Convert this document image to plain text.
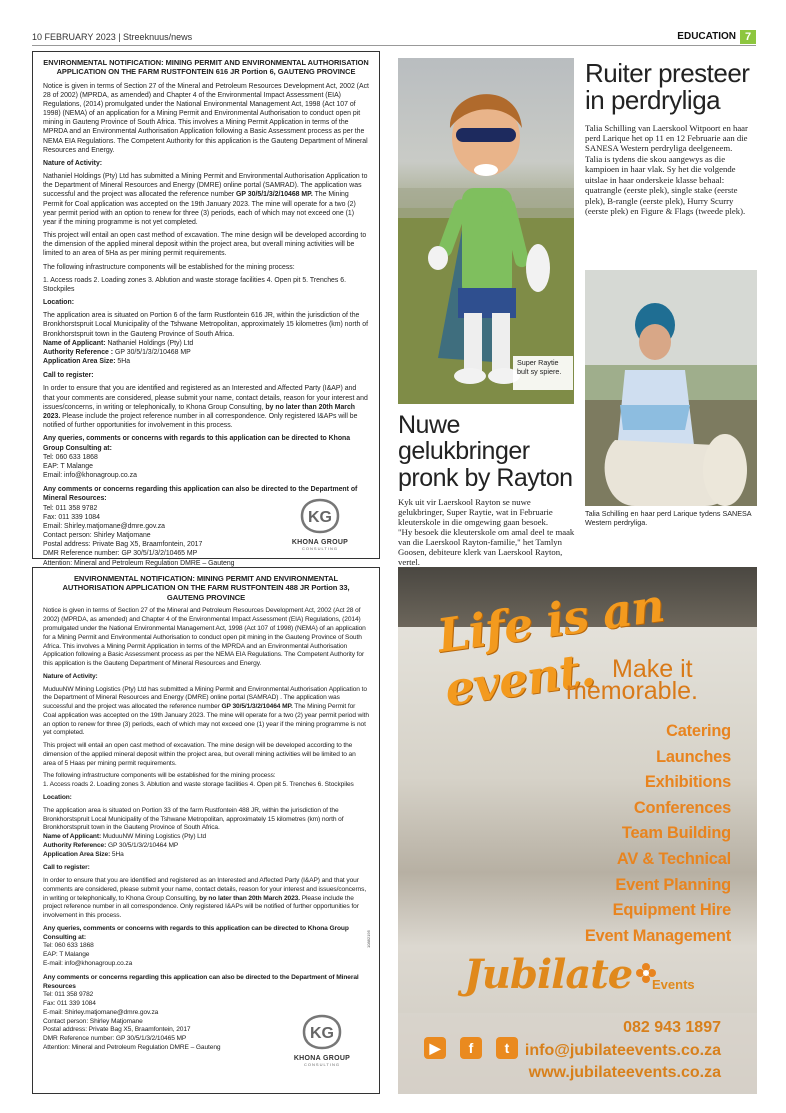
10 FEBRUARY 2023 | Streeknuus/news	EDUCATION 7
ENVIRONMENTAL NOTIFICATION: MINING PERMIT AND ENVIRONMENTAL AUTHORISATION APPLICATION ON THE FARM RUSTFONTEIN 616 JR Portion 6, GAUTENG PROVINCE

Notice is given in terms of Section 27 of the Mineral and Petroleum Resources Development Act, 2002 (Act 28 of 2002) (MPRDA, as amended) and Chapter 4 of the Environmental Impact Assessment (EIA) Regulations, (2014) promulgated under the National Environmental Management Act, 1998 (Act 107 of 1998) (NEMA) of an application for a Mining Permit and Environmental Authorisation to conduct open pit mining in Gauteng Province of South Africa. This involves a Mining Permit Application in terms of the MPRDA and an Environmental Authorisation Application following a Basic Assessment process as per the NEMA EIA Regulations. The Competent Authority for this application is the Gauteng Department of Mineral Resources and Energy.

Nature of Activity:

Nathaniel Holdings (Pty) Ltd has submitted a Mining Permit and Environmental Authorisation Application to the Department of Mineral Resources and Energy (DMRE) online portal (SAMRAD). The application was successful and the project was allocated the reference number GP 30/5/1/3/2/10468 MP. The Mining Permit for Coal application was accepted on the 19th January 2023. The mine will operate for a two (2) year permit period with an option to renew for three (3) periods, each of which may not exceed one (1) year if the mining programme is not yet completed.

This project will entail an open cast method of excavation. The mine design will be developed according to the dimension of the applied mineral deposit within the project area, but overall mining activities will be limited to an area of 5Ha as per mining permit requirements.

The following infrastructure components will be established for the mining process:

1. Access roads 2. Loading zones 3. Ablution and waste storage facilities 4. Open pit 5. Trenches 6. Stockpiles

Location:

The application area is situated on Portion 6 of the farm Rustfontein 616 JR, within the jurisdiction of the Bronkhorstspruit Local Municipality of the Tshwane Metropolitan, approximately 15 kilometres (km) north of Bronkhorstspruit town in the Gauteng Province of South Africa.

Name of Applicant: Nathaniel Holdings (Pty) Ltd
Authority Reference : GP 30/5/1/3/2/10468 MP
Application Area Size: 5Ha

Call to register:

In order to ensure that you are identified and registered as an Interested and Affected Party (I&AP) and that your comments are considered, please submit your name, contact details, reason for your interest and issues/concerns, in writing or telephonically, to Khona Group Consulting, by no later than 20th March 2023. Please include the project reference number in all correspondence. Only registered I&APs will be notified of further opportunities for involvement in this process.

Any queries, comments or concerns with regards to this application can be directed to Khona Group Consulting at:

Tel: 060 633 1868
EAP: T Malange
Email: info@khonagroup.co.za

Any comments or concerns regarding this application can also be directed to the Department of Mineral Resources:

Tel: 011 358 9782
Fax: 011 339 1084
Email: Shirley.matjomane@dmre.gov.za
Contact person: Shirley Matjomane
Postal address: Private Bag X5, Braamfontein, 2017
DMR Reference number: GP 30/5/1/3/2/10465 MP
Attention: Mineral and Petroleum Regulation DMRE – Gauteng
KG
KHONA GROUP
CONSULTING
ENVIRONMENTAL NOTIFICATION: MINING PERMIT AND ENVIRONMENTAL AUTHORISATION APPLICATION ON THE FARM RUSTFONTEIN 488 JR Portion 33, GAUTENG PROVINCE

Notice is given in terms of Section 27 of the Mineral and Petroleum Resources Development Act, 2002 (Act 28 of 2002) (MPRDA, as amended) and Chapter 4 of the Environmental Impact Assessment (EIA) Regulations, (2014) promulgated under the National Environmental Management Act, 1998 (Act 107 of 1998) (NEMA) of an application for a Mining Permit and Environmental Authorisation to conduct open pit mining in the Gauteng Province of South Africa. This involves a Mining Permit Application in terms of the MPRDA and an Environmental Authorisation Application following a Basic Assessment process as per the NEMA EIA Regulations. The Competent Authority for this application is the Gauteng Department of Mineral Resources and Energy.

Nature of Activity:

MuduuNW Mining Logistics (Pty) Ltd has submitted a Mining Permit and Environmental Authorisation Application to the Department of Mineral Resources and Energy (DMRE) online portal (SAMRAD) . The application was successful and the project was allocated the reference number GP 30/5/1/3/2/10464 MP. The Mining Permit for Coal application was accepted on the 19th January 2023. The mine will operate for a two (2) year permit period with an option to renew for three (3) periods, each of which may not exceed one (1) year if the mining programme is not yet completed.

This project will entail an open cast method of excavation. The mine design will be developed according to the dimension of the applied mineral deposit within the project area, but overall mining activities will be limited to an area of 5 Haas per mining permit requirements.

The following infrastructure components will be established for the mining process:

1. Access roads 2. Loading zones 3. Ablution and waste storage facilities 4. Open pit 5. Trenches 6. Stockpiles

Location:

The application area is situated on Portion 33 of the farm Rustfontein 488 JR, within the jurisdiction of the Bronkhorstspruit Local Municipality of the Tshwane Metropolitan, approximately 15 kilometres (km) north of Bronkhorstspruit town in the Gauteng Province of South Africa.

Name of Applicant: MuduuNW Mining Logistics (Pty) Ltd
Authority Reference: GP 30/5/1/3/2/10464 MP
Application Area Size: 5Ha

Call to register:

In order to ensure that you are identified and registered as an Interested and Affected Party (I&AP) and that your comments are considered, please submit your name, contact details, reason for your interest and issues/concerns, in writing or telephonically, to Khona Group Consulting, by no later than 20th March 2023. Please include the project reference number in all correspondence. Only registered I&APs will be notified of further opportunities for involvement in this process.

Any queries, comments or concerns with regards to this application can be directed to Khona Group Consulting at:

Tel: 060 633 1868
EAP: T Malange
E-mail: info@khonagroup.co.za

Any comments or concerns regarding this application can also be directed to the Department of Mineral Resources

Tel: 011 358 9782
Fax: 011 339 1084
E-mail: Shirley.matjomane@dmre.gov.za
Contact person: Shirley Matjomane
Postal address: Private Bag X5, Braamfontein, 2017
DMR Reference number: GP 30/5/1/3/2/10465 MP
Attention: Mineral and Petroleum Regulation DMRE – Gauteng
KG
KHONA GROUP
CONSULTING
10882195
Super Raytie bult sy spiere.
Ruiter presteer in perdryliga
Talia Schilling van Laerskool Witpoort en haar perd Larique het op 11 en 12 Februarie aan die SANESA Western perdryliga deelgeneem.
Talia is tydens die skou aangewys as die kampioen in haar vlak. Sy het die volgende uitslae in haar onderskeie klasse behaal: quatrangle (eerste plek), single stake (eerste plek), B-rangle (eerste plek), Hurry Scurry (eerste plek) en Figure & Flags (tweede plek).
Talia Schilling en haar perd Larique tydens SANESA Western perdryliga.
Nuwe gelukbringer pronk by Rayton
Kyk uit vir Laerskool Rayton se nuwe gelukbringer, Super Raytie, wat in Februarie kleuterskole in die omgewing gaan besoek.
"Hy besoek die kleuterskole om amal deel te maak van die Laerskool Rayton-familie," het Tamlyn Goosen, debiteure klerk van Laerskool Rayton, vertel.
Life is an event. Make it
memorable.
Catering
Launches
Exhibitions
Conferences
Team Building
AV & Technical
Event Planning
Equipment Hire
Event Management
Jubilate Events
▶	f	t
082 943 1897
info@jubilateevents.co.za
www.jubilateevents.co.za
